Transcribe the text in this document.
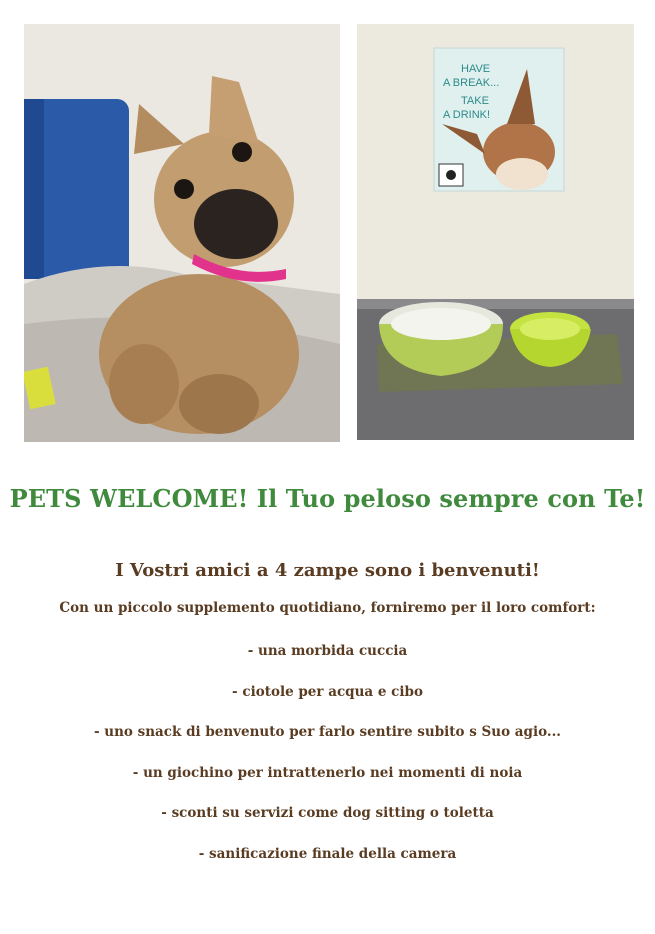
HAVE
A BREAK...
TAKE
A DRINK!
PETS WELCOME! Il Tuo peloso sempre con Te!
I Vostri amici a 4 zampe sono i benvenuti!
Con un piccolo supplemento quotidiano, forniremo per il loro comfort:
- una morbida cuccia
- ciotole per acqua e cibo
- uno snack di benvenuto per farlo sentire subito s Suo agio...
- un giochino per intrattenerlo nei momenti di noia
- sconti su servizi come dog sitting o toletta
- sanificazione finale della camera
